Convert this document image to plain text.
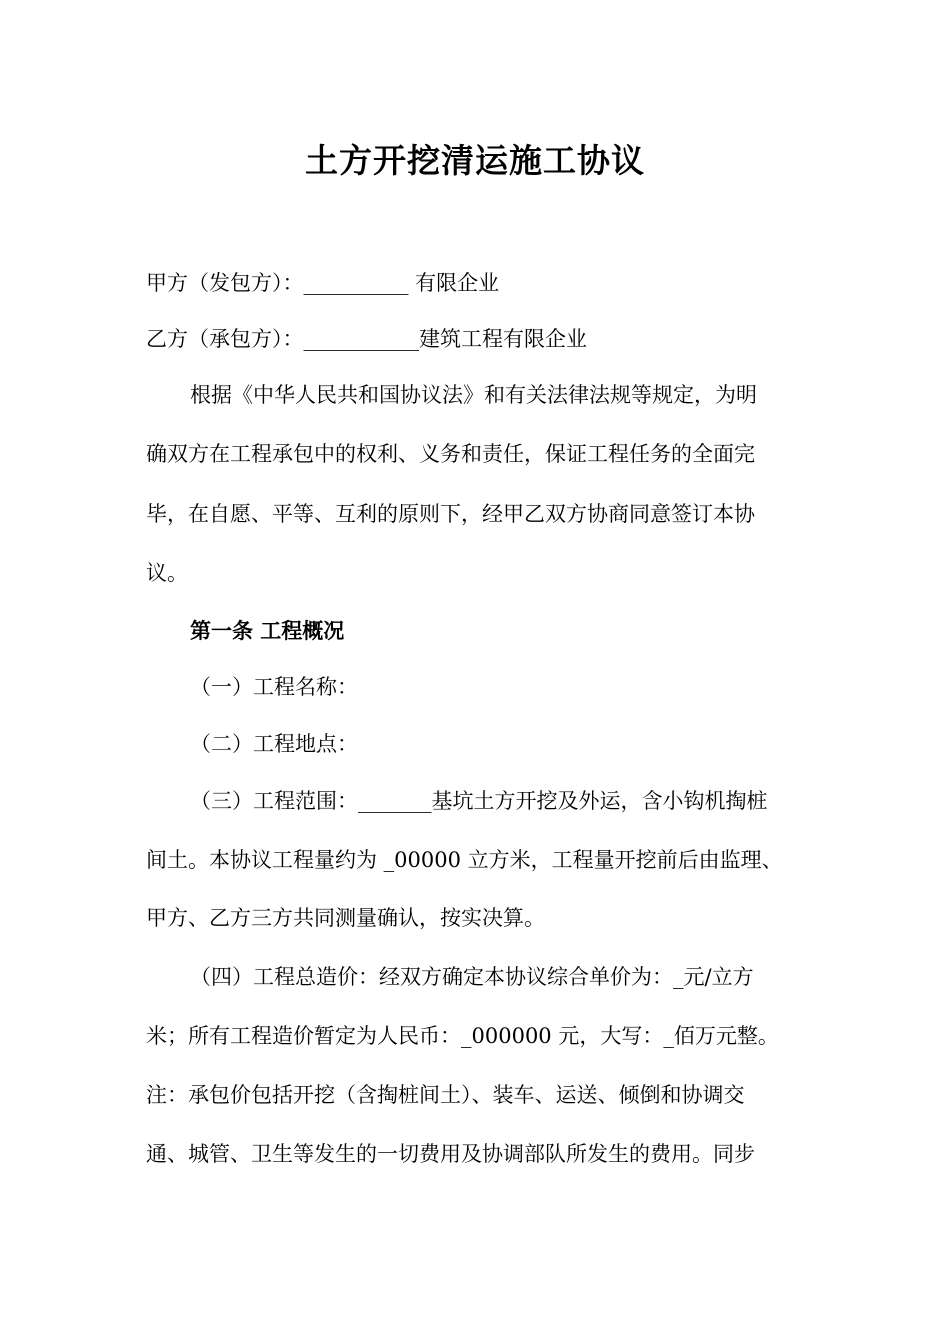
土方开挖清运施工协议
甲方（发包方）：__________ 有限企业
乙方（承包方）：___________建筑工程有限企业
根据《中华人民共和国协议法》和有关法律法规等规定，为明
确双方在工程承包中的权利、义务和责任，保证工程任务的全面完
毕，在自愿、平等、互利的原则下，经甲乙双方协商同意签订本协
议。
第一条 工程概况
（一）工程名称：
（二）工程地点：
（三）工程范围：_______基坑土方开挖及外运，含小钩机掏桩
间土。本协议工程量约为 _00000 立方米，工程量开挖前后由监理、
甲方、乙方三方共同测量确认，按实决算。
（四）工程总造价：经双方确定本协议综合单价为：_元/立方
米；所有工程造价暂定为人民币：_000000 元，大写：_佰万元整。
注：承包价包括开挖（含掏桩间土）、装车、运送、倾倒和协调交
通、城管、卫生等发生的一切费用及协调部队所发生的费用。同步
